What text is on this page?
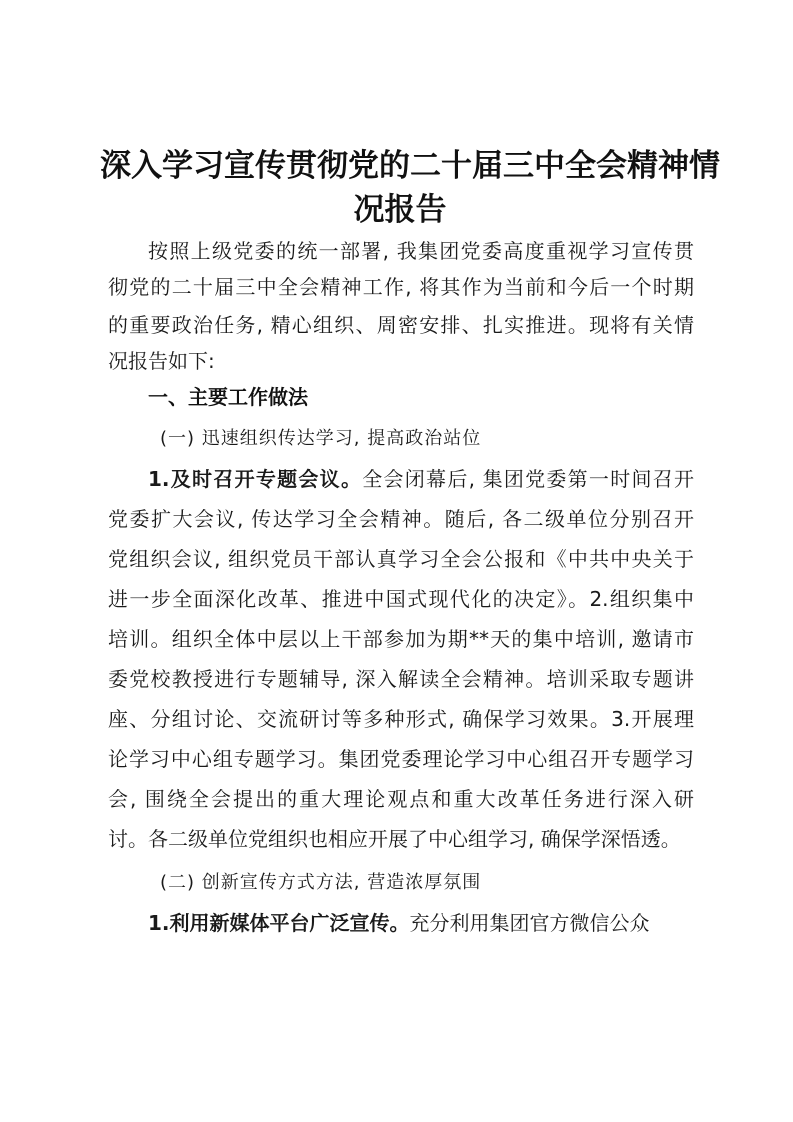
深入学习宣传贯彻党的二十届三中全会精神情
况报告
按照上级党委的统一部署, 我集团党委高度重视学习宣传贯
彻党的二十届三中全会精神工作, 将其作为当前和今后一个时期
的重要政治任务, 精心组织、周密安排、扎实推进。现将有关情
况报告如下:
一、主要工作做法
(一) 迅速组织传达学习, 提高政治站位
1.及时召开专题会议。全会闭幕后, 集团党委第一时间召开
党委扩大会议, 传达学习全会精神。随后, 各二级单位分别召开
党组织会议, 组织党员干部认真学习全会公报和《中共中央关于
进一步全面深化改革、推进中国式现代化的决定》。2.组织集中
培训。组织全体中层以上干部参加为期**天的集中培训, 邀请市
委党校教授进行专题辅导, 深入解读全会精神。培训采取专题讲
座、分组讨论、交流研讨等多种形式, 确保学习效果。3.开展理
论学习中心组专题学习。集团党委理论学习中心组召开专题学习
会, 围绕全会提出的重大理论观点和重大改革任务进行深入研
讨。各二级单位党组织也相应开展了中心组学习, 确保学深悟透。
(二) 创新宣传方式方法, 营造浓厚氛围
1.利用新媒体平台广泛宣传。充分利用集团官方微信公众
